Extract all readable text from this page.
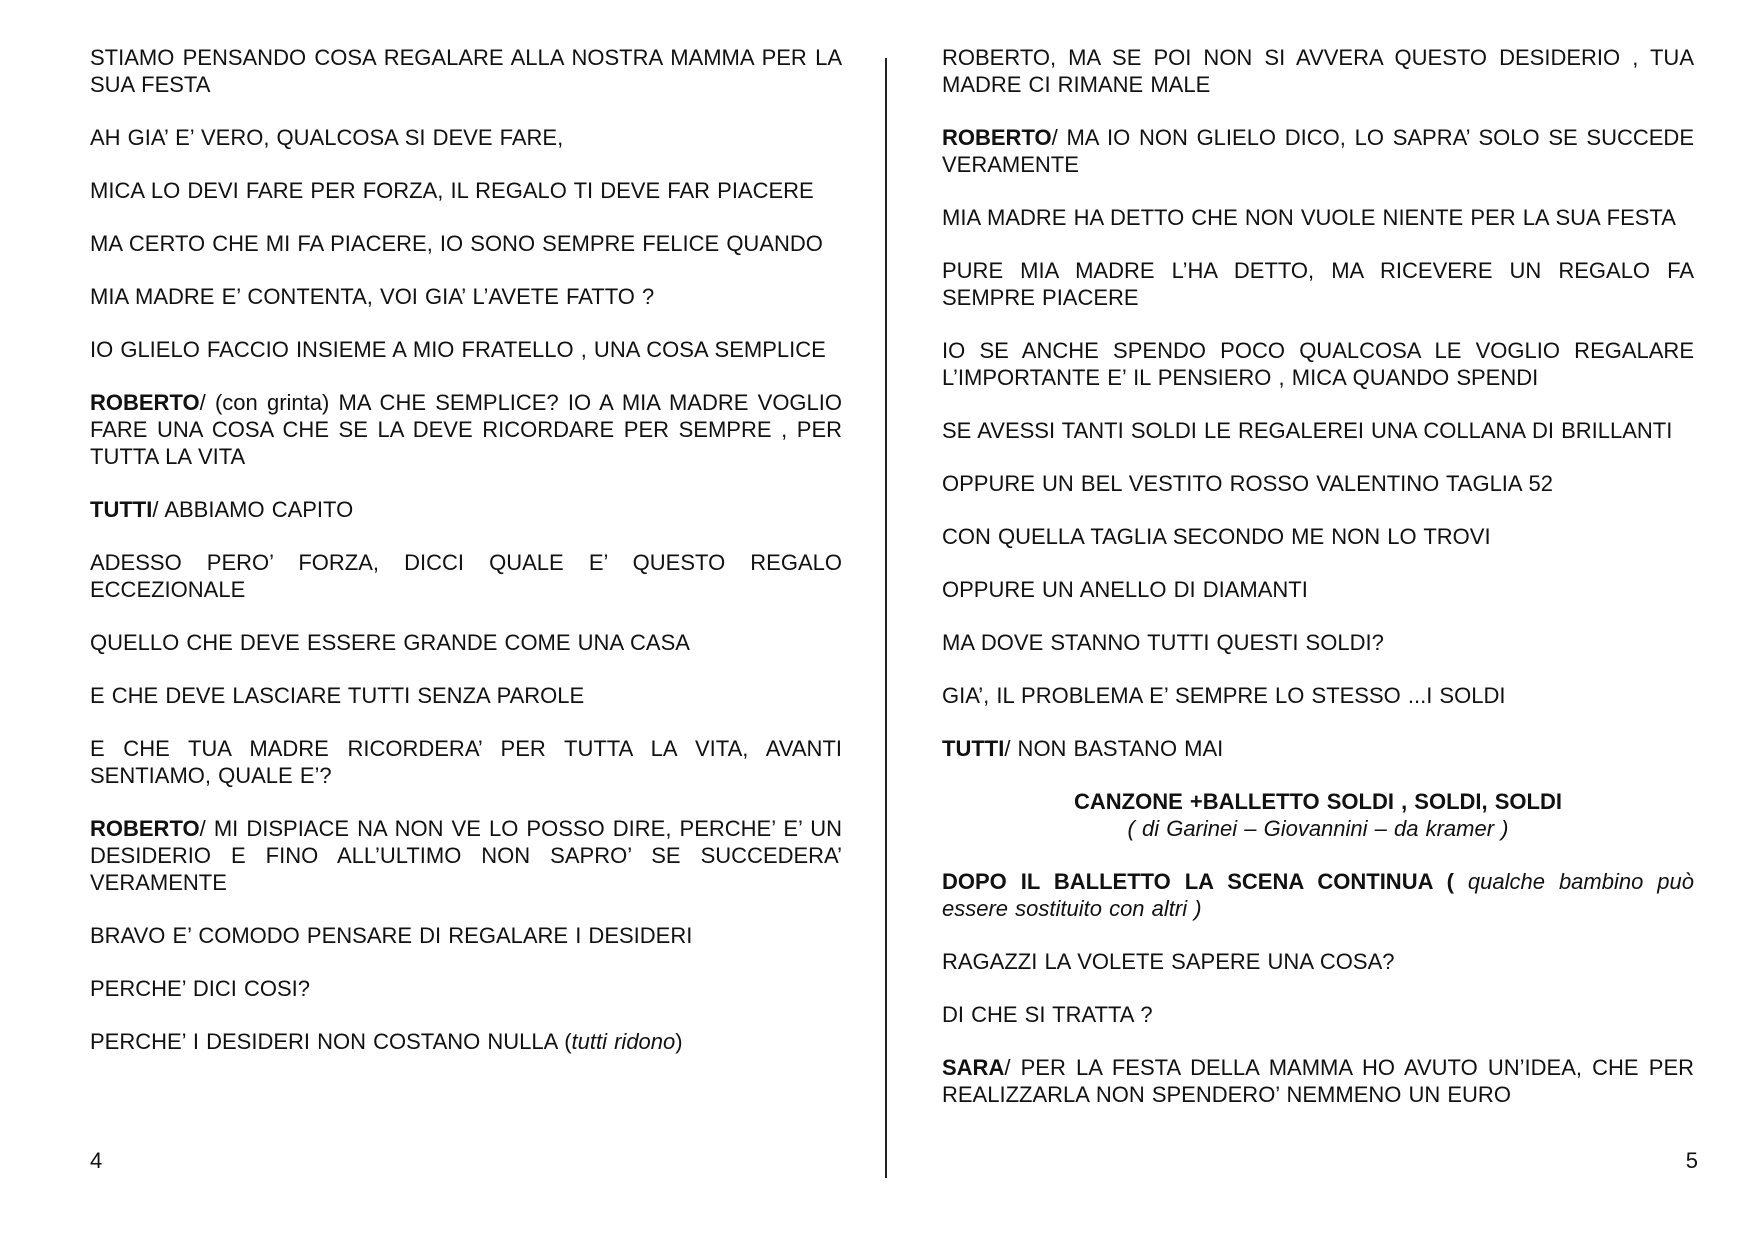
STIAMO PENSANDO COSA REGALARE ALLA NOSTRA MAMMA PER LA SUA FESTA

AH GIA’ E’ VERO, QUALCOSA SI DEVE FARE,

MICA LO DEVI FARE PER FORZA, IL REGALO TI DEVE FAR PIACERE

MA CERTO CHE MI FA PIACERE, IO SONO SEMPRE FELICE QUANDO

MIA MADRE E’ CONTENTA, VOI GIA’ L’AVETE FATTO ?

IO GLIELO FACCIO INSIEME A MIO FRATELLO , UNA COSA SEMPLICE

ROBERTO/ (con grinta) MA CHE SEMPLICE? IO A MIA MADRE VOGLIO FARE UNA COSA CHE SE LA DEVE RICORDARE PER SEMPRE , PER TUTTA LA VITA

TUTTI/ ABBIAMO CAPITO

ADESSO PERO’ FORZA, DICCI QUALE E’ QUESTO REGALO ECCEZIONALE

QUELLO CHE DEVE ESSERE GRANDE COME UNA CASA

E CHE DEVE LASCIARE TUTTI SENZA PAROLE

E CHE TUA MADRE RICORDERA’ PER TUTTA LA VITA, AVANTI SENTIAMO, QUALE E’?

ROBERTO/ MI DISPIACE NA NON VE LO POSSO DIRE, PERCHE’ E’ UN DESIDERIO E FINO ALL’ULTIMO NON SAPRO’ SE SUCCEDERA’ VERAMENTE

BRAVO E’ COMODO PENSARE DI REGALARE I DESIDERI

PERCHE’ DICI COSI?

PERCHE’ I DESIDERI NON COSTANO NULLA (tutti ridono)

4

ROBERTO, MA SE POI NON SI AVVERA QUESTO DESIDERIO , TUA MADRE CI RIMANE MALE

ROBERTO/ MA IO NON GLIELO DICO, LO SAPRA’ SOLO SE SUCCEDE VERAMENTE

MIA MADRE HA DETTO CHE NON VUOLE NIENTE PER LA SUA FESTA

PURE MIA MADRE L’HA DETTO, MA RICEVERE UN REGALO FA SEMPRE PIACERE

IO SE ANCHE SPENDO POCO QUALCOSA LE VOGLIO REGALARE L’IMPORTANTE E’ IL PENSIERO , MICA QUANDO SPENDI

SE AVESSI TANTI SOLDI LE REGALEREI UNA COLLANA DI BRILLANTI

OPPURE UN BEL VESTITO ROSSO VALENTINO TAGLIA 52

CON QUELLA TAGLIA SECONDO ME NON LO TROVI

OPPURE UN ANELLO DI DIAMANTI

MA DOVE STANNO TUTTI QUESTI SOLDI?

GIA’, IL PROBLEMA E’ SEMPRE LO STESSO ...I SOLDI

TUTTI/ NON BASTANO MAI

CANZONE +BALLETTO SOLDI , SOLDI, SOLDI
( di Garinei – Giovannini – da kramer )

DOPO IL BALLETTO LA SCENA CONTINUA ( qualche bambino può essere sostituito con altri )

RAGAZZI LA VOLETE SAPERE UNA COSA?

DI CHE SI TRATTA ?

SARA/ PER LA FESTA DELLA MAMMA HO AVUTO UN’IDEA, CHE PER REALIZZARLA NON SPENDERO’ NEMMENO UN EURO

5
